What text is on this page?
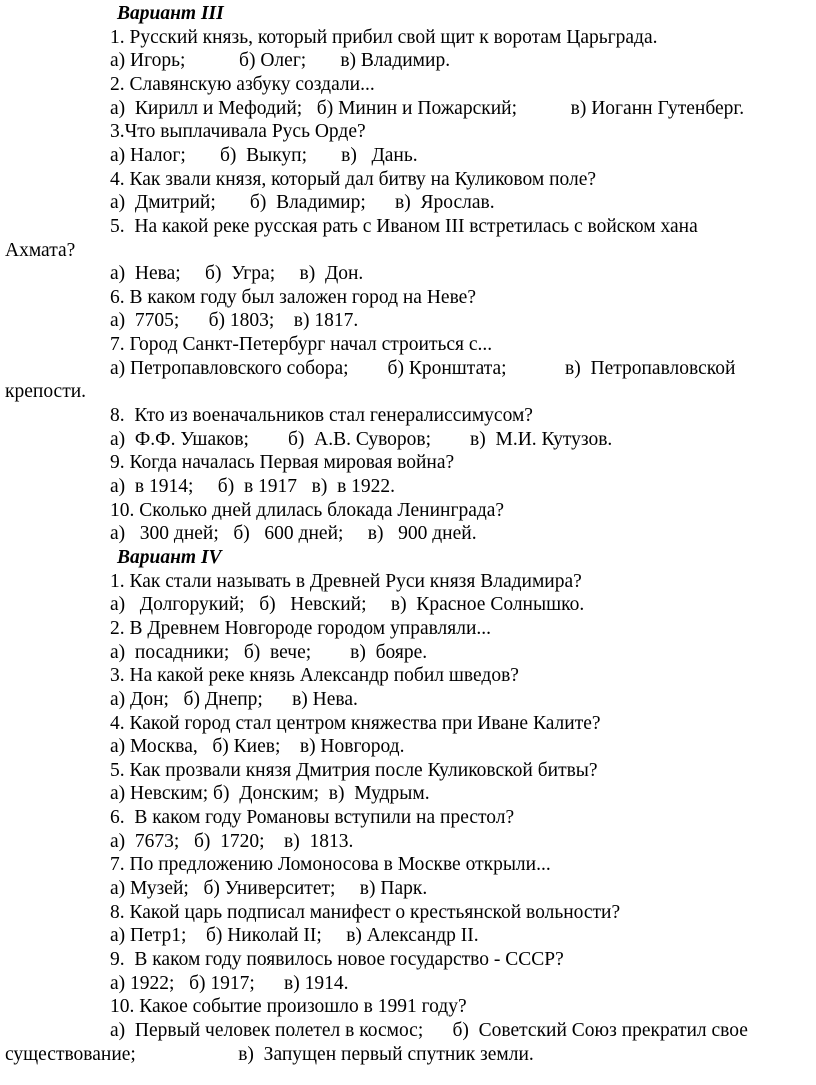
Вариант III
1. Русский князь, который прибил свой щит к воротам Царьграда.
а) Игорь;           б) Олег;       в) Владимир.
2. Славянскую азбуку создали...
а)  Кирилл и Мефодий;   б) Минин и Пожарский;           в) Иоганн Гутенберг.
3.Что выплачивала Русь Орде?
а) Налог;       б)  Выкуп;       в)   Дань.
4. Как звали князя, который дал битву на Куликовом поле?
а)  Дмитрий;       б)  Владимир;      в)  Ярослав.
5.  На какой реке русская рать с Иваном III встретилась с войском хана
Ахмата?
а)  Нева;     б)  Угра;     в)  Дон.
6. В каком году был заложен город на Неве?
а)  7705;      б) 1803;    в) 1817.
7. Город Санкт-Петербург начал строиться с...
а) Петропавловского собора;        б) Кронштата;            в)  Петропавловской
крепости.
8.  Кто из военачальников стал генералиссимусом?
а)  Ф.Ф. Ушаков;        б)  А.В. Суворов;        в)  М.И. Кутузов.
9. Когда началась Первая мировая война?
а)  в 1914;     б)  в 1917   в)  в 1922.
10. Сколько дней длилась блокада Ленинграда?
а)   300 дней;   б)   600 дней;     в)   900 дней.
Вариант IV
1. Как стали называть в Древней Руси князя Владимира?
а)   Долгорукий;   б)   Невский;     в)  Красное Солнышко.
2. В Древнем Новгороде городом управляли...
а)  посадники;   б)  вече;        в)  бояре.
3. На какой реке князь Александр побил шведов?
а) Дон;   б) Днепр;      в) Нева.
4. Какой город стал центром княжества при Иване Калите?
а) Москва,   б) Киев;    в) Новгород.
5. Как прозвали князя Дмитрия после Куликовской битвы?
а) Невским; б)  Донским;  в)  Мудрым.
6.  В каком году Романовы вступили на престол?
а)  7673;   б)  1720;    в)  1813.
7. По предложению Ломоносова в Москве открыли...
а) Музей;   б) Университет;     в) Парк.
8. Какой царь подписал манифест о крестьянской вольности?
а) Петр1;    б) Николай II;     в) Александр II.
9.  В каком году появилось новое государство - СССР?
а) 1922;   б) 1917;      в) 1914.
10. Какое событие произошло в 1991 году?
а)  Первый человек полетел в космос;      б)  Советский Союз прекратил свое
существование;                     в)  Запущен первый спутник земли.
